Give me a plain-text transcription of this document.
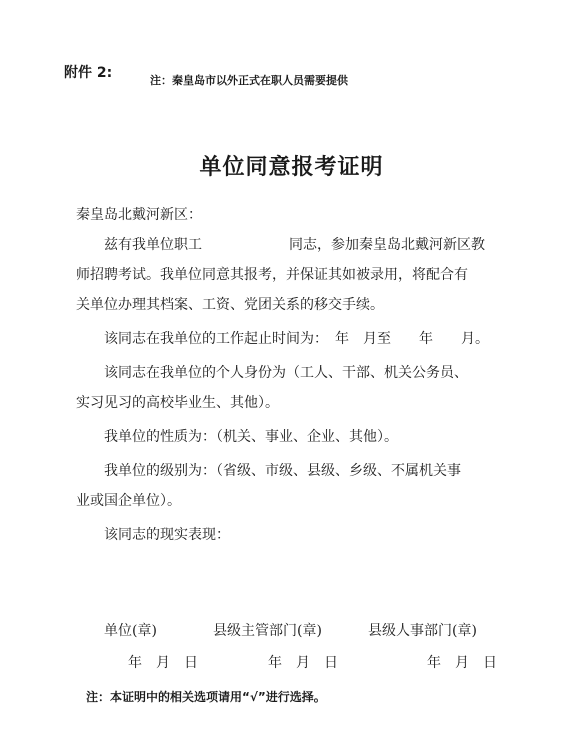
附件 2:	注：秦皇岛市以外正式在职人员需要提供
单位同意报考证明
秦皇岛北戴河新区：
兹有我单位职工	同志，参加秦皇岛北戴河新区教
师招聘考试。我单位同意其报考，并保证其如被录用，将配合有
关单位办理其档案、工资、党团关系的移交手续。
该同志在我单位的工作起止时间为：　年　月至　　年　　月。
该同志在我单位的个人身份为（工人、干部、机关公务员、
实习见习的高校毕业生、其他）。
我单位的性质为：（机关、事业、企业、其他）。
我单位的级别为：（省级、市级、县级、乡级、不属机关事
业或国企单位）。
该同志的现实表现：
单位(章)	县级主管部门(章)	县级人事部门(章)
年　月　日	年　月　日	年　月　日
注：本证明中的相关选项请用“√”进行选择。
